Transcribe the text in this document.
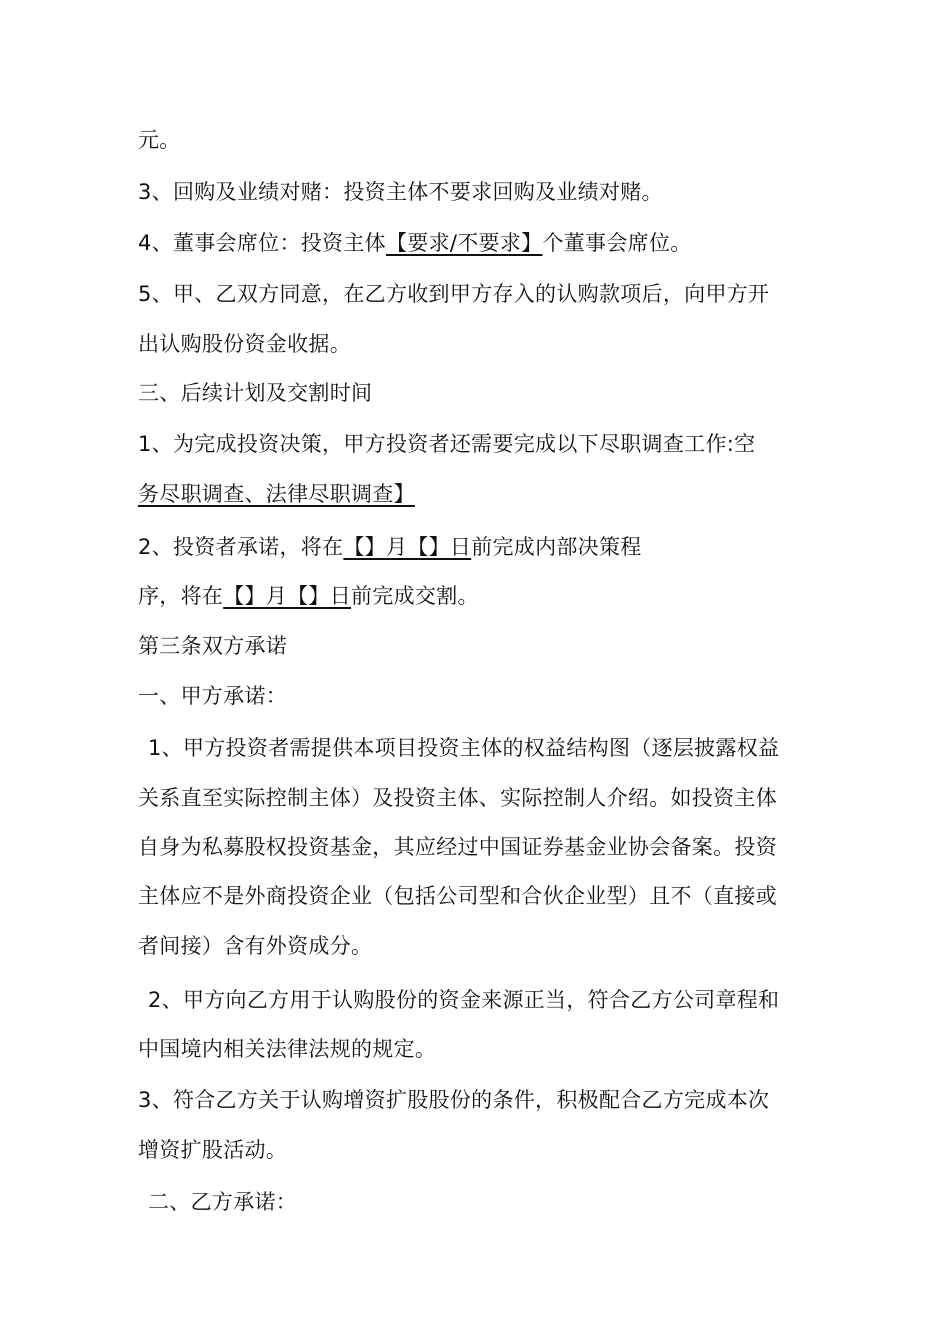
元。
3、回购及业绩对赌：投资主体不要求回购及业绩对赌。
4、董事会席位：投资主体【要求/不要求】个董事会席位。
5、甲、乙双方同意，在乙方收到甲方存入的认购款项后，向甲方开
出认购股份资金收据。
三、后续计划及交割时间
1、为完成投资决策，甲方投资者还需要完成以下尽职调查工作:空
务尽职调查、法律尽职调查】
2、投资者承诺，将在【】月【】日前完成内部决策程
序，将在【】月【】日前完成交割。
第三条双方承诺
一、甲方承诺：
1、甲方投资者需提供本项目投资主体的权益结构图（逐层披露权益
关系直至实际控制主体）及投资主体、实际控制人介绍。如投资主体
自身为私募股权投资基金，其应经过中国证券基金业协会备案。投资
主体应不是外商投资企业（包括公司型和合伙企业型）且不（直接或
者间接）含有外资成分。
2、甲方向乙方用于认购股份的资金来源正当，符合乙方公司章程和
中国境内相关法律法规的规定。
3、符合乙方关于认购增资扩股股份的条件，积极配合乙方完成本次
增资扩股活动。
二、乙方承诺：
